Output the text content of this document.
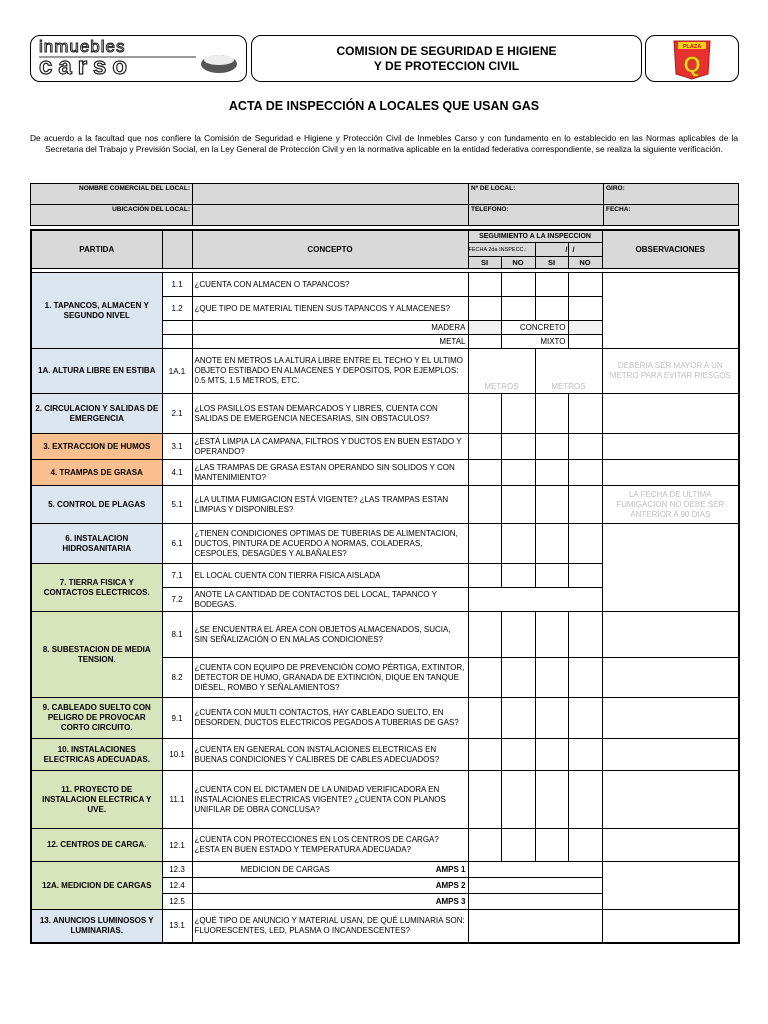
inmuebles
carso
COMISION DE SEGURIDAD E HIGIENE
Y DE PROTECCION CIVIL
PLAZA
Q
ACTA DE INSPECCIÓN A LOCALES QUE USAN GAS
De acuerdo a la facultad que nos confiere la Comisión de Seguridad e Higiene y Protección Civil de Inmebles Carso y con fundamento en lo establecido en las Normas aplicables de la Secretaria del Trabajo y Previsión Social, en la Ley General de Protección Civil y en la normativa aplicable en la entidad federativa correspondiente, se realiza la siguiente verificación.
NOMBRE COMERCIAL DEL LOCAL:		Nº DE LOCAL:	GIRO:
UBICACIÓN DEL LOCAL:		TELEFONO:	FECHA:
PARTIDA		CONCEPTO	SEGUIMIENTO A LA INSPECCION				OBSERVACIONES
			FECHA 2da INSPECC.:		/	/	
			SI	NO	SI	NO	

1. TAPANCOS, ALMACEN Y SEGUNDO NIVEL	1.1	¿CUENTA CON ALMACEN O TAPANCOS?					
	1.2	¿QUE TIPO DE MATERIAL TIENEN SUS TAPANCOS Y ALMACENES?					
		MADERA		CONCRETO			
		METAL		MIXTO			
1A. ALTURA LIBRE EN ESTIBA	1A.1	ANOTE EN METROS LA ALTURA LIBRE ENTRE EL TECHO Y EL ULTIMO OBJETO ESTIBADO EN ALMACENES Y DEPOSITOS, POR EJEMPLOS: 0.5 MTS, 1.5 METROS, ETC.	METROS		METROS		DEBERIA SER MAYOR A UN METRO PARA EVITAR RIESGOS
2. CIRCULACION Y SALIDAS DE EMERGENCIA	2.1	¿LOS PASILLOS ESTAN DEMARCADOS Y LIBRES, CUENTA CON SALIDAS DE EMERGENCIA NECESARIAS, SIN OBSTACULOS?					
3. EXTRACCION DE HUMOS	3.1	¿ESTÁ LIMPIA LA CAMPANA, FILTROS Y DUCTOS EN BUEN ESTADO Y OPERANDO?					
4. TRAMPAS DE GRASA	4.1	¿LAS TRAMPAS DE GRASA ESTAN OPERANDO SIN SOLIDOS Y CON MANTENIMIENTO?					
5. CONTROL DE PLAGAS	5.1	¿LA ULTIMA FUMIGACION ESTÁ VIGENTE? ¿LAS TRAMPAS ESTAN LIMPIAS Y DISPONIBLES?					LA FECHA DE ULTIMA FUMIGACION NO DEBE SER ANTERIOR A 90 DIAS
6. INSTALACION HIDROSANITARIA	6.1	¿TIENEN CONDICIONES OPTIMAS DE TUBERIAS DE ALIMENTACION, DUCTOS, PINTURA DE ACUERDO A NORMAS, COLADERAS, CESPOLES, DESAGÜES Y ALBAÑALES?					
7. TIERRA FISICA Y CONTACTOS ELECTRICOS.	7.1	EL LOCAL CUENTA CON TIERRA FISICA AISLADA					
	7.2	ANOTE LA CANTIDAD DE CONTACTOS DEL LOCAL, TAPANCO Y BODEGAS.					
8. SUBESTACION DE MEDIA TENSION.	8.1	¿SE ENCUENTRA EL ÁREA CON OBJETOS ALMACENADOS, SUCIA, SIN SEÑALIZACIÓN O EN MALAS CONDICIONES?					
	8.2	¿CUENTA CON EQUIPO DE PREVENCIÓN COMO PÉRTIGA, EXTINTOR, DETECTOR DE HUMO, GRANADA DE EXTINCIÓN, DIQUE EN TANQUE DIÉSEL, ROMBO Y SEÑALAMIENTOS?					
9. CABLEADO SUELTO CON PELIGRO DE PROVOCAR CORTO CIRCUITO.	9.1	¿CUENTA CON MULTI CONTACTOS, HAY CABLEADO SUELTO, EN DESORDEN, DUCTOS ELECTRICOS PEGADOS A TUBERIAS DE GAS?					
10. INSTALACIONES ELECTRICAS ADECUADAS.	10.1	¿CUENTA EN GENERAL CON INSTALACIONES ELECTRICAS EN BUENAS CONDICIONES Y CALIBRES DE CABLES ADECUADOS?					
11. PROYECTO DE INSTALACION ELECTRICA Y UVE.	11.1	¿CUENTA CON EL DICTAMEN DE LA UNIDAD VERIFICADORA EN INSTALACIONES ELECTRICAS VIGENTE? ¿CUENTA CON PLANOS UNIFILAR DE OBRA CONCLUSA?					
12. CENTROS DE CARGA.	12.1	¿CUENTA CON PROTECCIONES EN LOS CENTROS DE CARGA? ¿ESTA EN BUEN ESTADO Y TEMPERATURA ADECUADA?					
12A. MEDICION DE CARGAS	12.3	MEDICION DE CARGAS AMPS 1					

	12.4	AMPS 2					
	12.5	AMPS 3					
13. ANUNCIOS LUMINOSOS Y LUMINARIAS.	13.1	¿QUÉ TIPO DE ANUNCIO Y MATERIAL USAN, DE QUÉ LUMINARIA SON: FLUORESCENTES, LED, PLASMA O INCANDESCENTES?					
